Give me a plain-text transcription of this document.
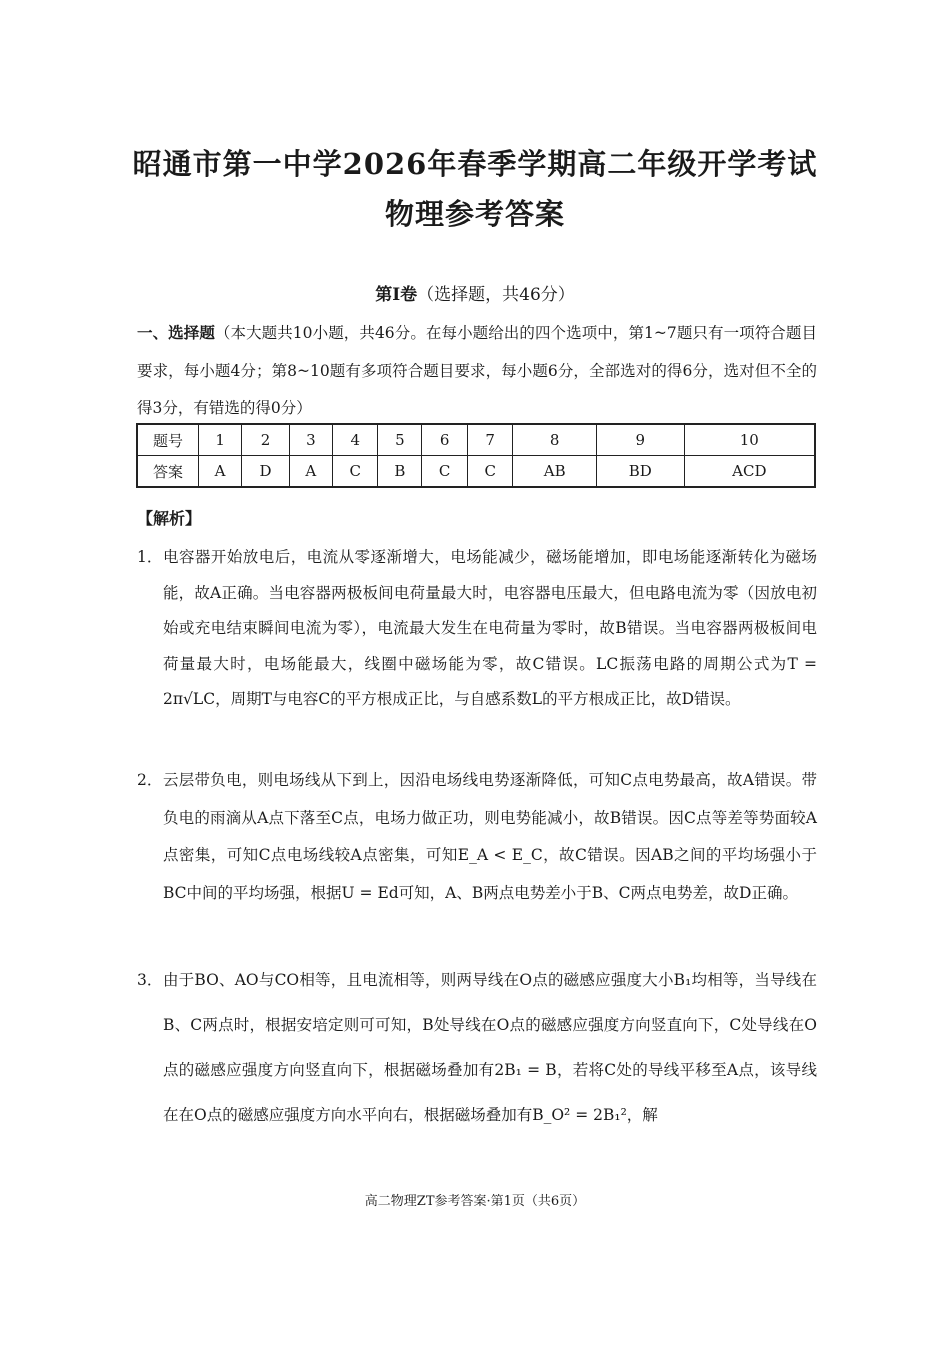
昭通市第一中学2026年春季学期高二年级开学考试
物理参考答案
第Ⅰ卷（选择题，共46分）
一、选择题（本大题共10小题，共46分。在每小题给出的四个选项中，第1~7题只有一项符合题目要求，每小题4分；第8~10题有多项符合题目要求，每小题6分，全部选对的得6分，选对但不全的得3分，有错选的得0分）
题号	1	2	3	4	5	6	7	8	9	10
答案	A	D	A	C	B	C	C	AB	BD	ACD
【解析】
1． 电容器开始放电后，电流从零逐渐增大，电场能减少，磁场能增加，即电场能逐渐转化为磁场能，故A正确。当电容器两极板间电荷量最大时，电容器电压最大，但电路电流为零（因放电初始或充电结束瞬间电流为零），电流最大发生在电荷量为零时，故B错误。当电容器两极板间电荷量最大时，电场能最大，线圈中磁场能为零，故C错误。LC振荡电路的周期公式为T = 2π√LC，周期T与电容C的平方根成正比，与自感系数L的平方根成正比，故D错误。
2． 云层带负电，则电场线从下到上，因沿电场线电势逐渐降低，可知C点电势最高，故A错误。带负电的雨滴从A点下落至C点，电场力做正功，则电势能减小，故B错误。因C点等差等势面较A点密集，可知C点电场线较A点密集，可知E_A < E_C，故C错误。因AB之间的平均场强小于BC中间的平均场强，根据U = Ed可知，A、B两点电势差小于B、C两点电势差，故D正确。
3． 由于BO、AO与CO相等，且电流相等，则两导线在O点的磁感应强度大小B₁均相等，当导线在B、C两点时，根据安培定则可可知，B处导线在O点的磁感应强度方向竖直向下，C处导线在O点的磁感应强度方向竖直向下，根据磁场叠加有2B₁ = B，若将C处的导线平移至A点，该导线在在O点的磁感应强度方向水平向右，根据磁场叠加有B_O² = 2B₁²，解
高二物理ZT参考答案·第1页（共6页）
